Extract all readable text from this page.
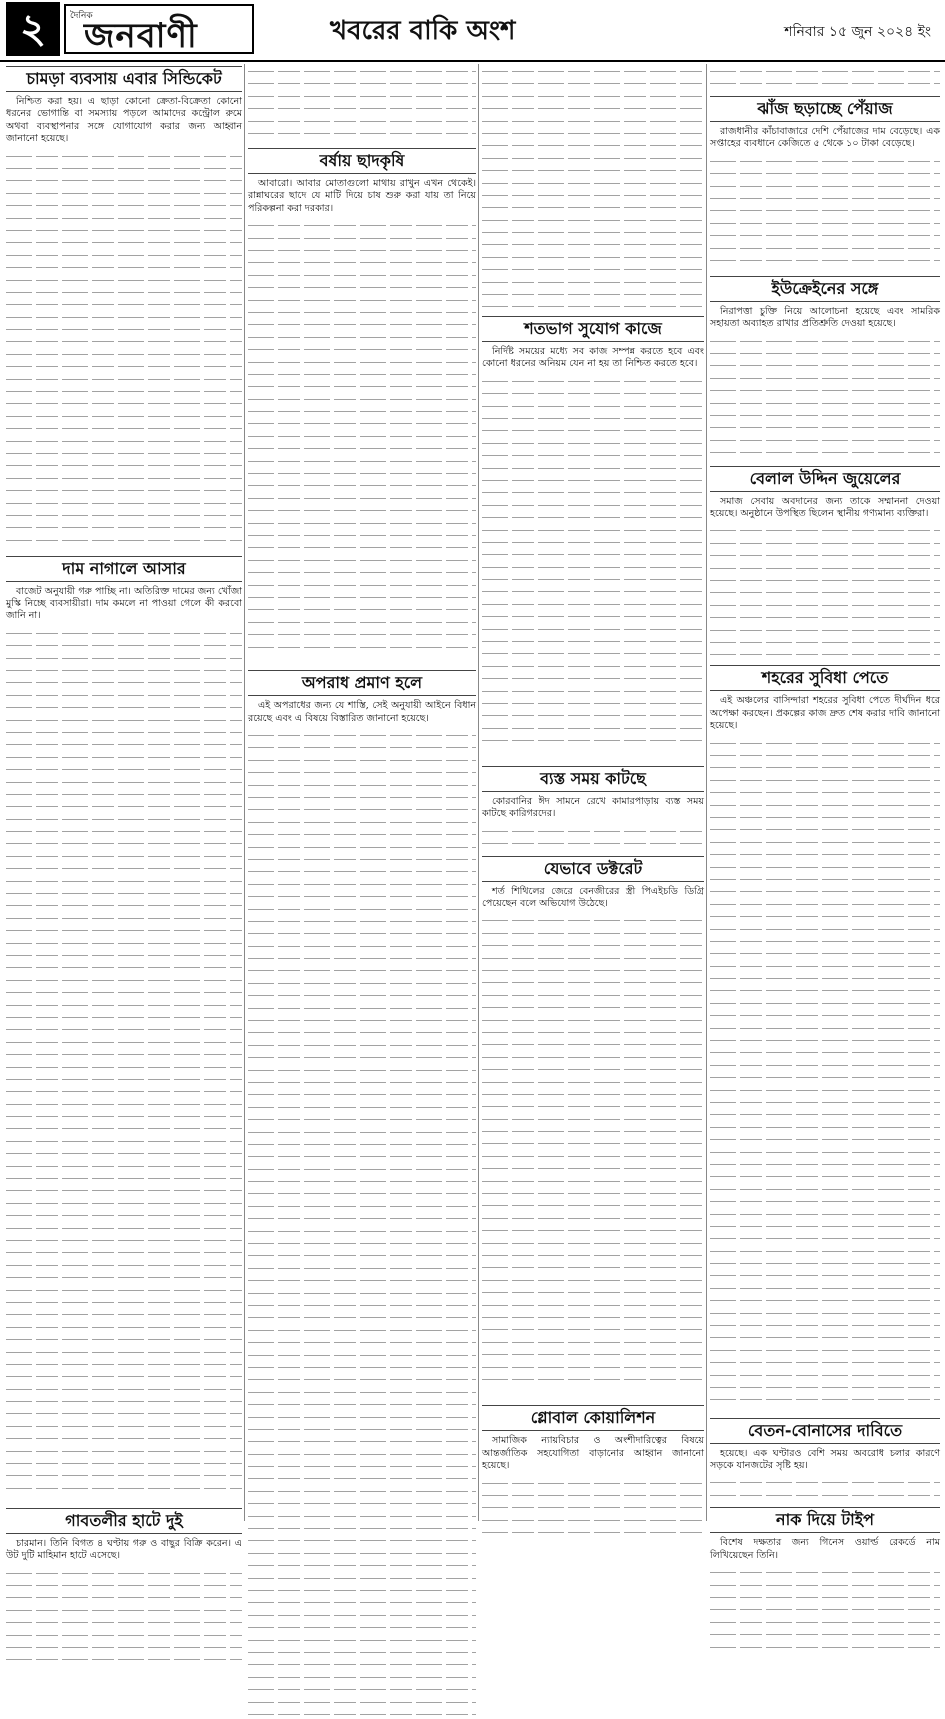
২	দৈনিক
জনবাণী	খবরের বাকি অংশ	শনিবার ১৫ জুন ২০২৪ ইং
চামড়া ব্যবসায় এবার সিন্ডিকেট

নিশ্চিত করা হয়। এ ছাড়া কোনো ক্রেতা-বিক্রেতা কোনো ধরনের ভোগান্তি বা সমস্যায় পড়লে আমাদের কন্ট্রোল রুমে অথবা ব্যবস্থাপনার সঙ্গে যোগাযোগ করার জন্য আহ্বান জানানো হয়েছে।

দাম নাগালে আসার

বাজেট অনুযায়ী গরু পাচ্ছি না। অতিরিক্ত দামের জন্য খোঁজা মুস্কি নিচ্ছে ব্যবসায়ীরা। দাম কমলে না পাওয়া গেলে কী করবো জানি না।

গাবতলীর হাটে দুই

চারমান। তিনি বিগত ৪ ঘণ্টায় গরু ও বাছুর বিক্রি করেন। এ উট দুটি মাহিমান হাটে এসেছে।

বর্ষায় ছাদকৃষি

আবারো। আবার মোতাগুলো মাথায় রাখুন এখন থেকেই। রান্নাঘরের ছাদে যে মাটি দিয়ে চাষ শুরু করা যায় তা নিয়ে পরিকল্পনা করা দরকার।

অপরাধ প্রমাণ হলে

এই অপরাধের জন্য যে শাস্তি, সেই অনুযায়ী আইনে বিধান রয়েছে এবং এ বিষয়ে বিস্তারিত জানানো হয়েছে।

শতভাগ সুযোগ কাজে

নির্দিষ্ট সময়ের মধ্যে সব কাজ সম্পন্ন করতে হবে এবং কোনো ধরনের অনিয়ম যেন না হয় তা নিশ্চিত করতে হবে।

ব্যস্ত সময় কাটছে

কোরবানির ঈদ সামনে রেখে কামারপাড়ায় ব্যস্ত সময় কাটছে কারিগরদের।

যেভাবে ডক্টরেট

শর্ত শিথিলের জেরে বেনজীরের স্ত্রী পিএইচডি ডিগ্রি পেয়েছেন বলে অভিযোগ উঠেছে।

গ্লোবাল কোয়ালিশন

সামাজিক ন্যায়বিচার ও অংশীদারিত্বের বিষয়ে আন্তর্জাতিক সহযোগিতা বাড়ানোর আহ্বান জানানো হয়েছে।

ঝাঁজ ছড়াচ্ছে পেঁয়াজ

রাজধানীর কাঁচাবাজারে দেশি পেঁয়াজের দাম বেড়েছে। এক সপ্তাহের ব্যবধানে কেজিতে ৫ থেকে ১০ টাকা বেড়েছে।

ইউক্রেইনের সঙ্গে

নিরাপত্তা চুক্তি নিয়ে আলোচনা হয়েছে এবং সামরিক সহায়তা অব্যাহত রাখার প্রতিশ্রুতি দেওয়া হয়েছে।

বেলাল উদ্দিন জুয়েলের

সমাজ সেবায় অবদানের জন্য তাকে সম্মাননা দেওয়া হয়েছে। অনুষ্ঠানে উপস্থিত ছিলেন স্থানীয় গণ্যমান্য ব্যক্তিরা।

শহরের সুবিধা পেতে

এই অঞ্চলের বাসিন্দারা শহরের সুবিধা পেতে দীর্ঘদিন ধরে অপেক্ষা করছেন। প্রকল্পের কাজ দ্রুত শেষ করার দাবি জানানো হয়েছে।

বেতন-বোনাসের দাবিতে

হয়েছে। এক ঘণ্টারও বেশি সময় অবরোধ চলার কারণে সড়কে যানজটের সৃষ্টি হয়।

নাক দিয়ে টাইপ

বিশেষ দক্ষতার জন্য গিনেস ওয়ার্ল্ড রেকর্ডে নাম লিখিয়েছেন তিনি।
